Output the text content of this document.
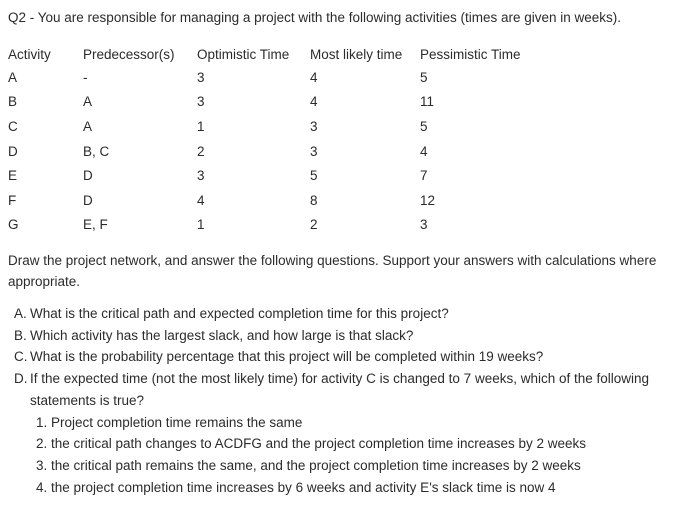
Q2 - You are responsible for managing a project with the following activities (times are given in weeks).
Activity	Predecessor(s)	Optimistic Time	Most likely time	Pessimistic Time
A	-	3	4	5
B	A	3	4	11
C	A	1	3	5
D	B, C	2	3	4
E	D	3	5	7
F	D	4	8	12
G	E, F	1	2	3
Draw the project network, and answer the following questions. Support your answers with calculations where appropriate.
A. What is the critical path and expected completion time for this project?
B. Which activity has the largest slack, and how large is that slack?
C. What is the probability percentage that this project will be completed within 19 weeks?
D. If the expected time (not the most likely time) for activity C is changed to 7 weeks, which of the following
statements is true?
1. Project completion time remains the same
2. the critical path changes to ACDFG and the project completion time increases by 2 weeks
3. the critical path remains the same, and the project completion time increases by 2 weeks
4. the project completion time increases by 6 weeks and activity E's slack time is now 4
